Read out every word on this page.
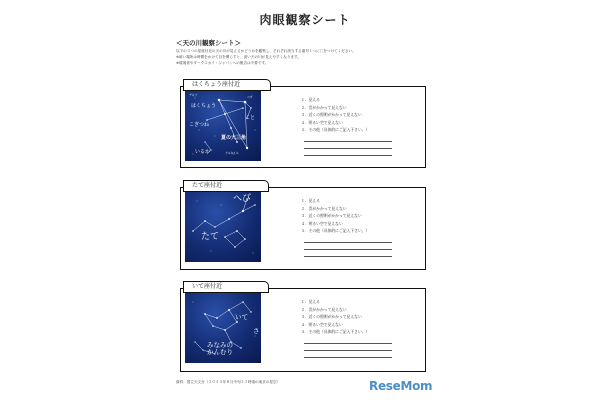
肉眼観察シート
＜天の川観察シート＞
以下の３つの星座付近の天の川が見えるかどうかを観察し、それぞれ該当する番号１つに〇をつけてください。
※暗い場所は時間をかけて目を慣らすと、淡い天の川が見えやすくなります。
※環境省やダークスカイ・ジャパンへの報告は不要です。
はくちょう座付近
デネブ
はくちょう
こと
こぎつね
夏の大三角
いるか	アルタイル
ベガ	１．見える
２．雲がかかって見えない
３．近くの照明がかかって見えない
４．明るい空で見えない
５．その他（具体的にご記入下さい。）
たて座付近
へび
たて
１．見える
２．雲がかかって見えない
３．近くの照明がかかって見えない
４．明るい空で見えない
５．その他（具体的にご記入下さい。）
いて座付近
いて
さ
みなみの
かんむり
１．見える
２．雲がかかって見えない
３．近くの照明がかかって見えない
４．明るい空で見えない
５．その他（具体的にご記入下さい。）
資料：国立天文台（２０２５年８月中旬２１時頃の東京の星空）	ReseMom
